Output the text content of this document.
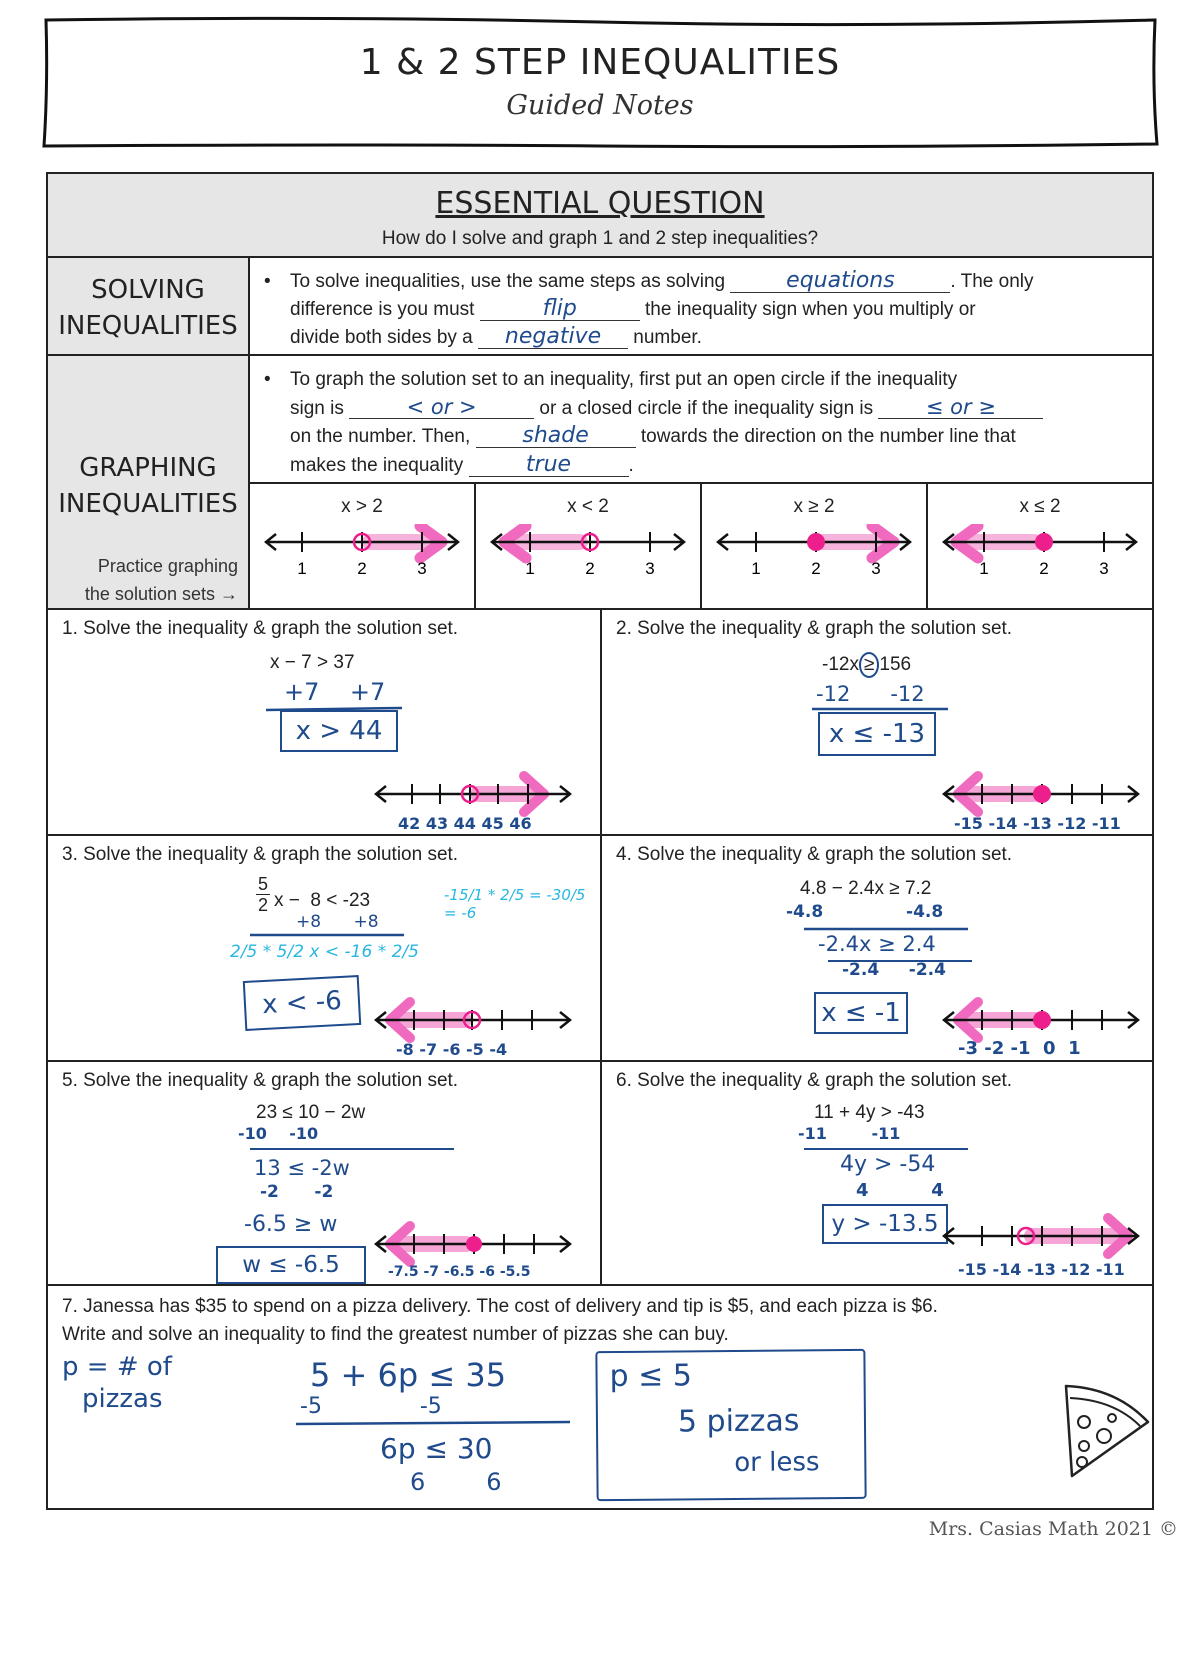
1 & 2 STEP INEQUALITIES
Guided Notes
ESSENTIAL QUESTION
How do I solve and graph 1 and 2 step inequalities?
SOLVING
INEQUALITIES
• To solve inequalities, use the same steps as solving	equations	. The only
difference is you must	flip	the inequality sign when you multiply or
divide both sides by a negative number.
GRAPHING
INEQUALITIES
Practice graphing
the solution sets →
• To graph the solution set to an inequality, first put an open circle if the inequality
sign is	< or >	or a closed circle if the inequality sign is	≤ or ≥
on the number. Then, shade	towards the direction on the number line that
makes the inequality	true	.
x > 2
1	2	3
x < 2
1	2	3
x ≥ 2
1	2	3
x ≤ 2
1	2	3
1. Solve the inequality & graph the solution set.
x − 7 > 37
+7    +7
x > 44
42 43 44 45 46
2. Solve the inequality & graph the solution set.
-12x ≥ 156
-12      -12
x ≤ -13
-15 -14 -13 -12 -11
3. Solve the inequality & graph the solution set.
5
2 x −  8 < -23
+8      +8
2/5 * 5/2 x < -16 * 2/5
-15/1 * 2/5 = -30/5 = -6
x < -6
-8 -7 -6 -5 -4
4. Solve the inequality & graph the solution set.
4.8 − 2.4x ≥ 7.2
-4.8              -4.8
-2.4x ≥ 2.4
-2.4     -2.4
x ≤ -1
-3 -2 -1  0  1
5. Solve the inequality & graph the solution set.
23 ≤ 10 − 2w
-10    -10
13 ≤ -2w
-2      -2
-6.5 ≥ w
w ≤ -6.5	-7.5 -7 -6.5 -6 -5.5
6. Solve the inequality & graph the solution set.
11 + 4y > -43
-11        -11
4y > -54
4          4
y > -13.5
-15 -14 -13 -12 -11
7. Janessa has $35 to spend on a pizza delivery. The cost of delivery and tip is $5, and each pizza is $6.
Write and solve an inequality to find the greatest number of pizzas she can buy.
p = # of
pizzas
5 + 6p ≤ 35
-5              -5
6p ≤ 30
6        6
p ≤ 5
5 pizzas
or less
Mrs. Casias Math 2021 ©
